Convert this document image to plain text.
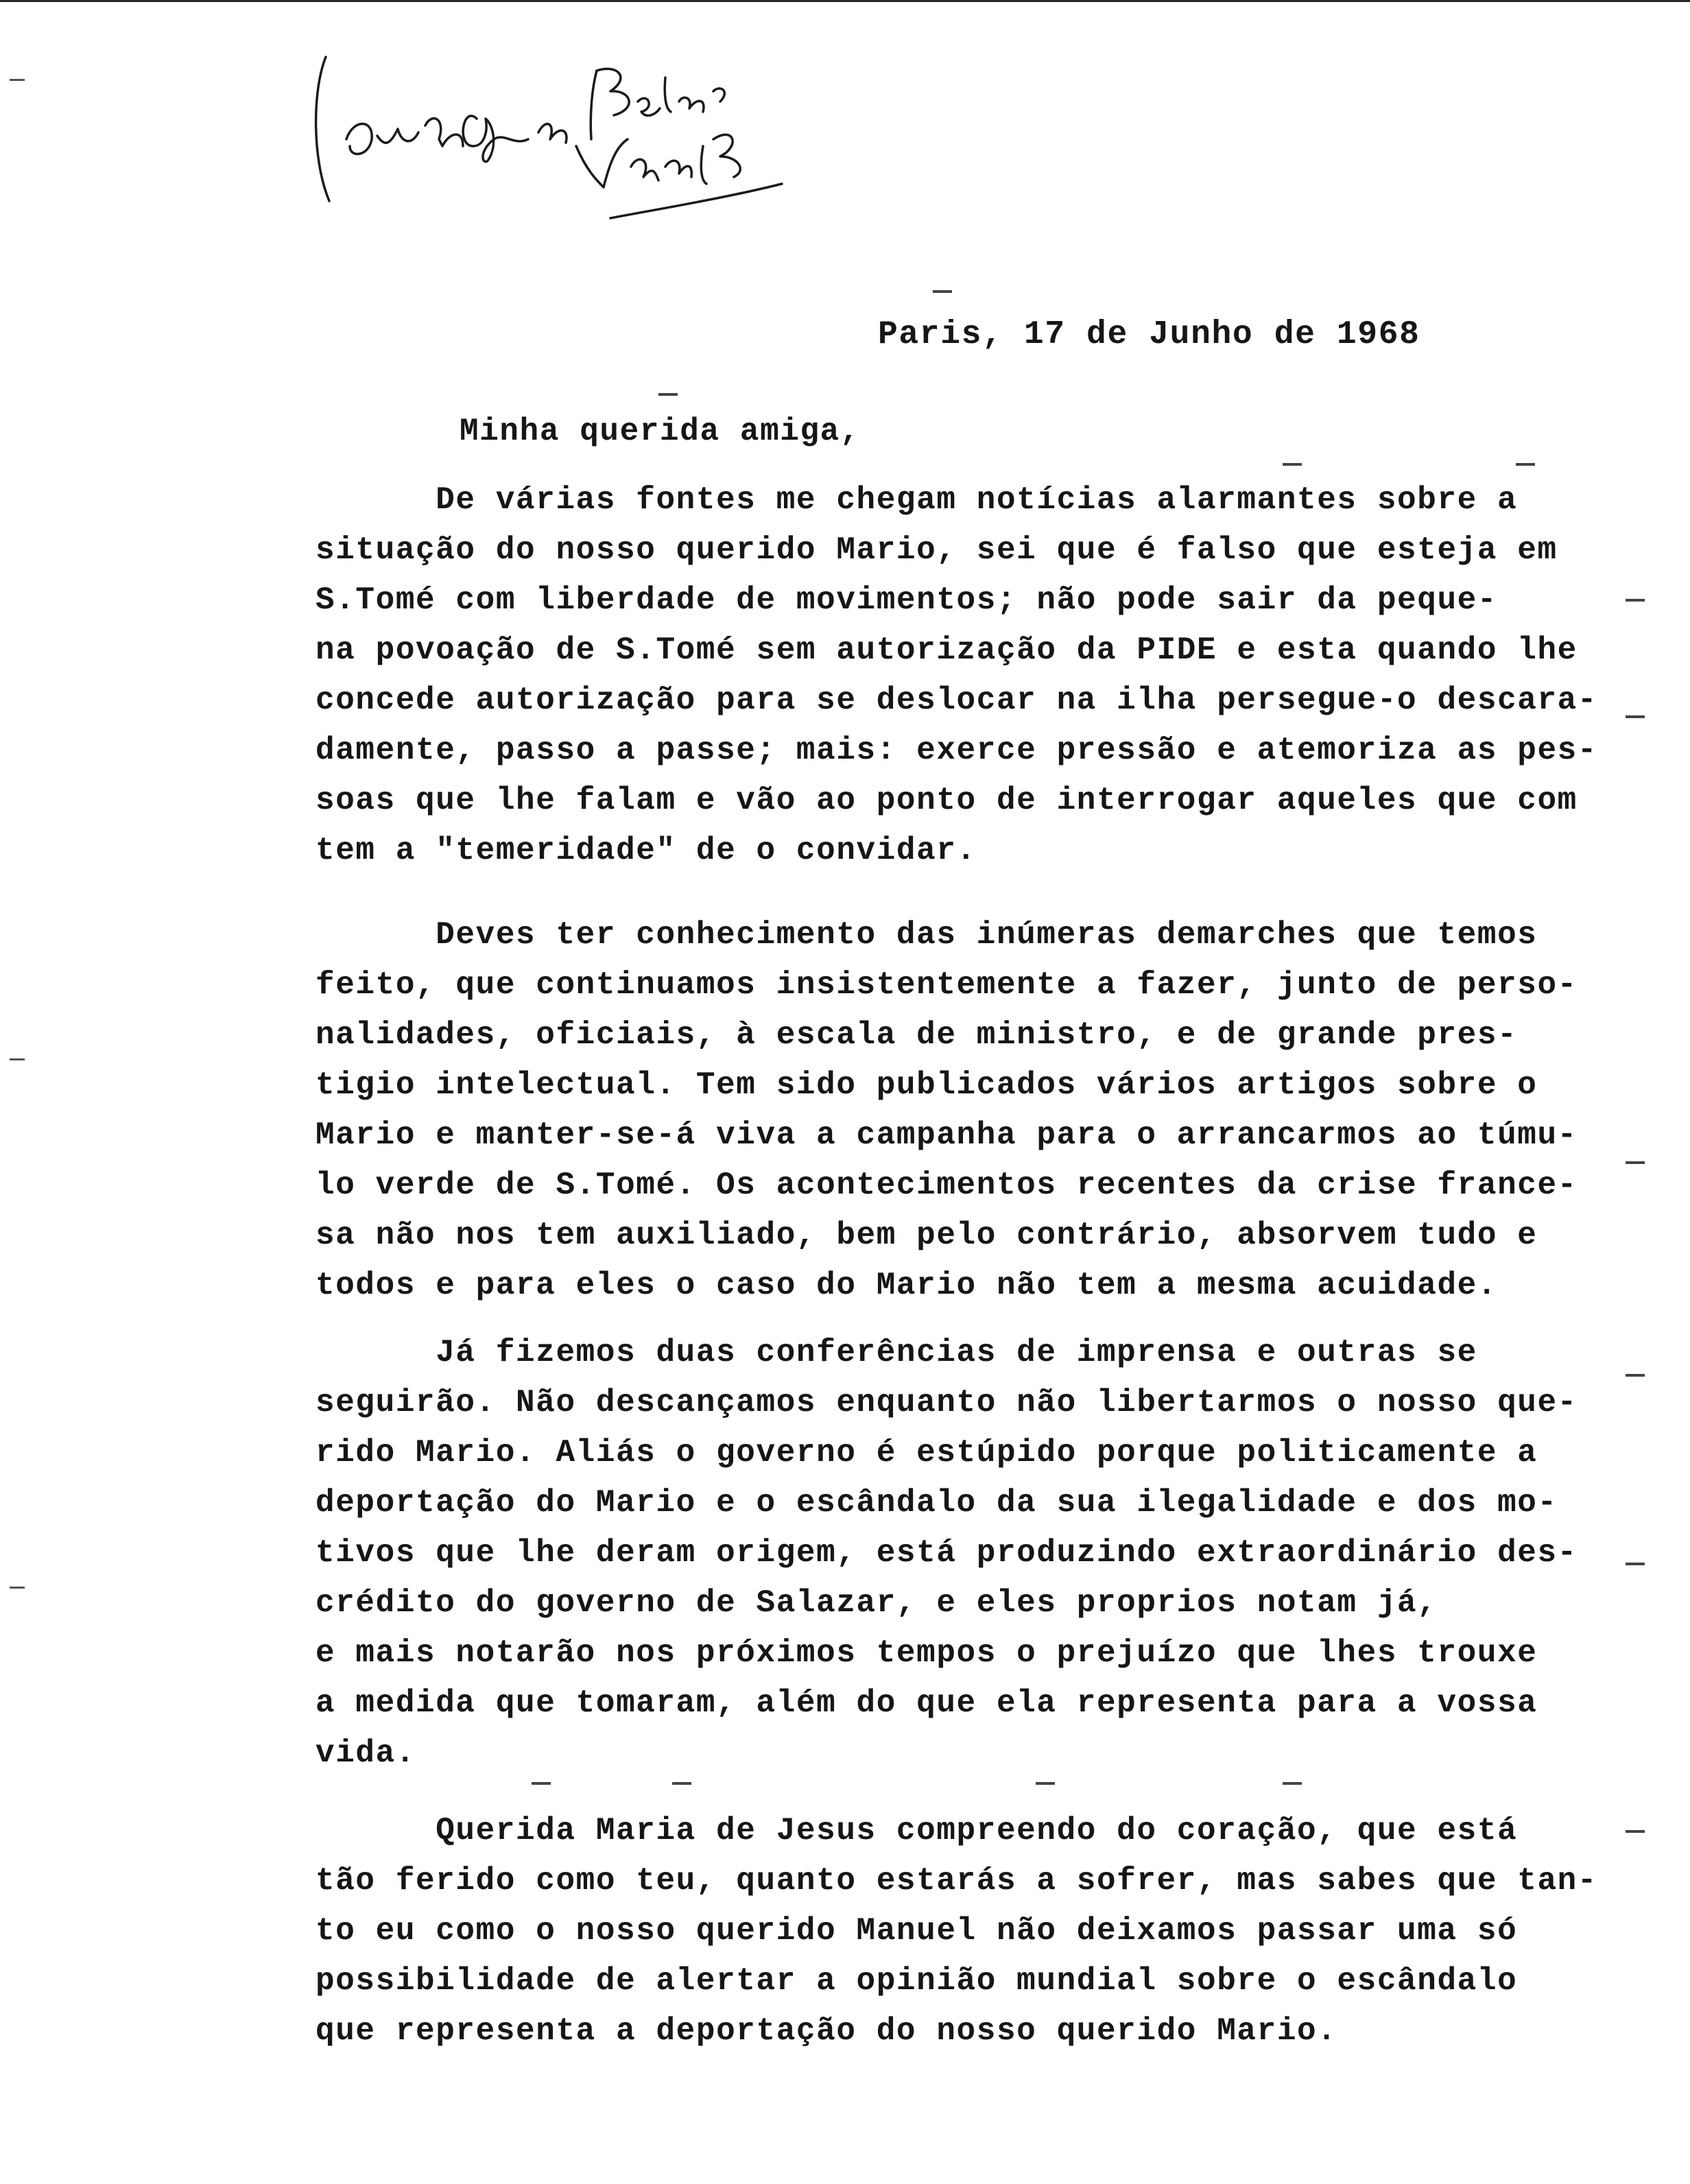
Paris, 17 de Junho de 1968
Minha querida amiga,
De várias fontes me chegam notícias alarmantes sobre a
situação do nosso querido Mario, sei que é falso que esteja em
S.Tomé com liberdade de movimentos; não pode sair da peque-
na povoação de S.Tomé sem autorização da PIDE e esta quando lhe
concede autorização para se deslocar na ilha persegue-o descara-
damente, passo a passe; mais: exerce pressão e atemoriza as pes-
soas que lhe falam e vão ao ponto de interrogar aqueles que com
tem a "temeridade" de o convidar.
Deves ter conhecimento das inúmeras demarches que temos
feito, que continuamos insistentemente a fazer, junto de perso-
nalidades, oficiais, à escala de ministro, e de grande pres-
tigio intelectual. Tem sido publicados vários artigos sobre o
Mario e manter-se-á viva a campanha para o arrancarmos ao túmu-
lo verde de S.Tomé. Os acontecimentos recentes da crise france-
sa não nos tem auxiliado, bem pelo contrário, absorvem tudo e
todos e para eles o caso do Mario não tem a mesma acuidade.
Já fizemos duas conferências de imprensa e outras se
seguirão. Não descançamos enquanto não libertarmos o nosso que-
rido Mario. Aliás o governo é estúpido porque politicamente a
deportação do Mario e o escândalo da sua ilegalidade e dos mo-
tivos que lhe deram origem, está produzindo extraordinário des-
crédito do governo de Salazar, e eles proprios notam já,
e mais notarão nos próximos tempos o prejuízo que lhes trouxe
a medida que tomaram, além do que ela representa para a vossa
vida.
Querida Maria de Jesus compreendo do coração, que está
tão ferido como teu, quanto estarás a sofrer, mas sabes que tan-
to eu como o nosso querido Manuel não deixamos passar uma só
possibilidade de alertar a opinião mundial sobre o escândalo
que representa a deportação do nosso querido Mario.
